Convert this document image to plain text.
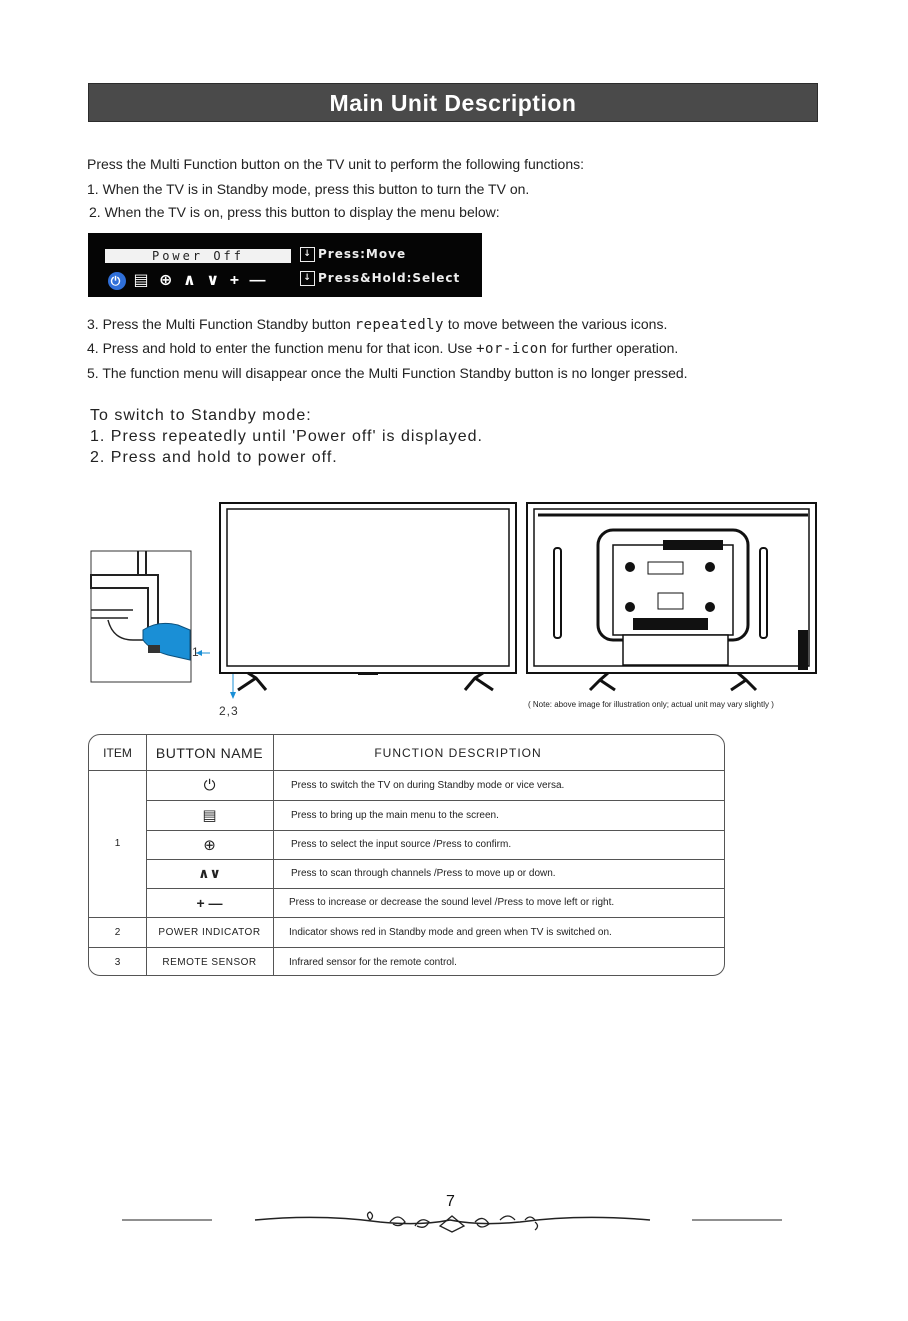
Main Unit Description
Press the Multi Function button on the TV unit to perform the following functions:
1. When the TV is in Standby mode, press this button to turn the TV on.
2. When the TV is on, press this button to display the menu below:
Power Off
⏻ ▤ ⊕ ∧ ∨ + —
↓ Press:Move
↓ Press&Hold:Select
3. Press the Multi Function Standby button repeatedly to move between the various icons.
4. Press and hold to enter the function menu for that icon. Use +or-icon for further operation.
5. The function menu will disappear once the Multi Function Standby button is no longer pressed.
To switch to Standby mode:
1. Press repeatedly until 'Power off' is displayed.
2. Press and hold to power off.
1
2,3	( Note: above image for illustration only; actual unit may vary slightly )
ITEM	BUTTON NAME	FUNCTION DESCRIPTION
1
⏻	Press to switch the TV on during Standby mode or vice versa.
▤	Press to bring up the main menu to the screen.
⊕	Press to select the input source /Press to confirm.
∧∨	Press to scan through channels /Press to move up or down.
+ —	Press to increase or decrease the sound level /Press to move left or right.
2	POWER INDICATOR	Indicator shows red in Standby mode and green when TV is switched on.
3	REMOTE SENSOR	Infrared sensor for the remote control.
7
